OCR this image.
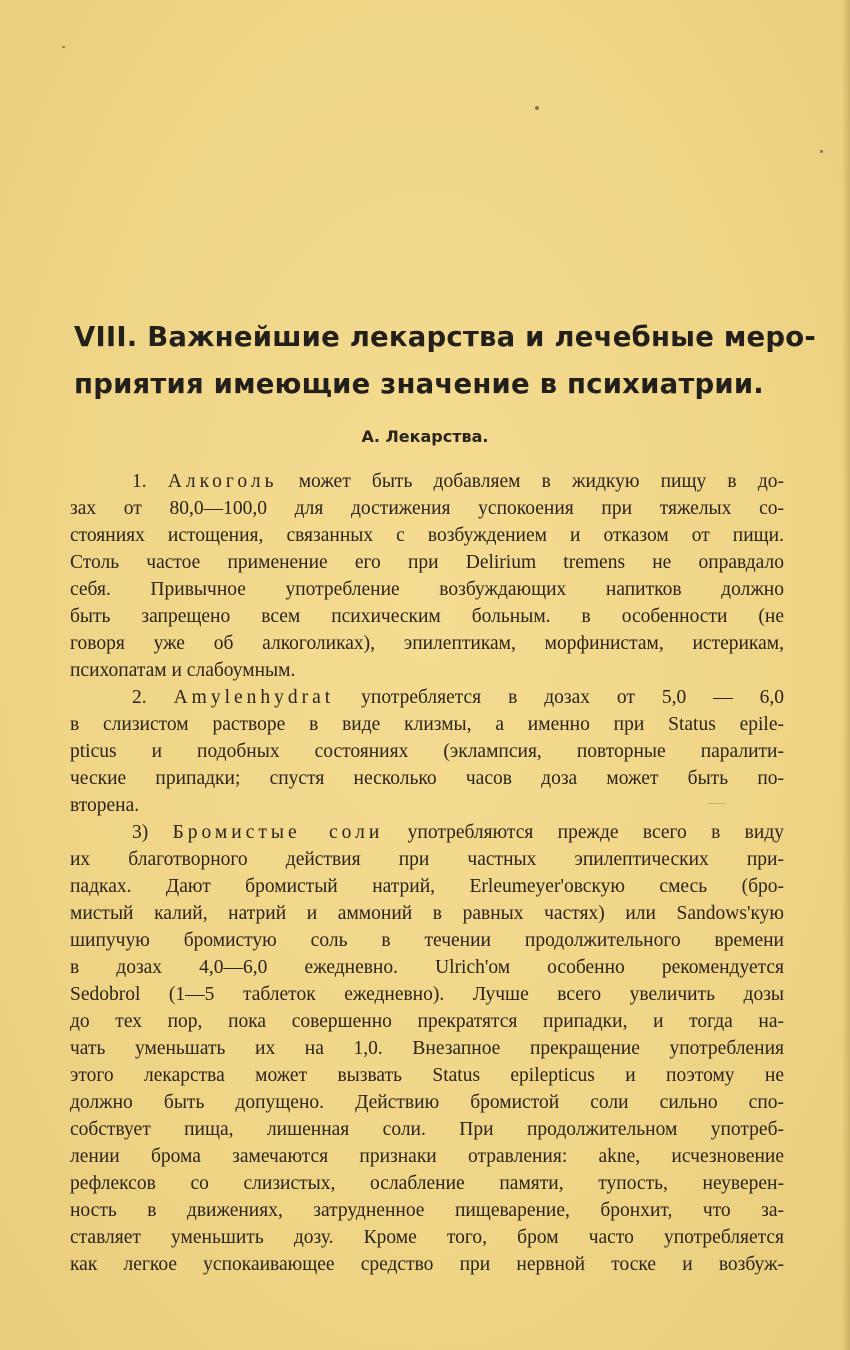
VIII. Важнейшие лекарства и лечебные меро-
приятия имеющие значение в психиатрии.
А. Лекарства.
1. Алкоголь может быть добавляем в жидкую пищу в до-
зах от 80,0—100,0 для достижения успокоения при тяжелых со-
стояниях истощения, связанных с возбуждением и отказом от пищи.
Столь частое применение его при Delirium tremens не оправдало
себя. Привычное употребление возбуждающих напитков должно
быть запрещено всем психическим больным. в особенности (не
говоря уже об алкоголиках), эпилептикам, морфинистам, истерикам,
психопатам и слабоумным.
2. Amylenhydrat употребляется в дозах от 5,0 — 6,0
в слизистом растворе в виде клизмы, а именно при Status epile-
pticus и подобных состояниях (эклампсия, повторные паралити-
ческие припадки; спустя несколько часов доза может быть по-
вторена.
3) Бромистые соли употребляются прежде всего в виду
их благотворного действия при частных эпилептических при-
падках. Дают бромистый натрий, Erleumeyer'овскую смесь (бро-
мистый калий, натрий и аммоний в равных частях) или Sandows'кую
шипучую бромистую соль в течении продолжительного времени
в дозах 4,0—6,0 ежедневно. Ulrich'ом особенно рекомендуется
Sedobrol (1—5 таблеток ежедневно). Лучше всего увеличить дозы
до тех пор, пока совершенно прекратятся припадки, и тогда на-
чать уменьшать их на 1,0. Внезапное прекращение употребления
этого лекарства может вызвать Status epilepticus и поэтому не
должно быть допущено. Действию бромистой соли сильно спо-
собствует пища, лишенная соли. При продолжительном употреб-
лении брома замечаются признаки отравления: akne, исчезновение
рефлексов со слизистых, ослабление памяти, тупость, неуверен-
ность в движениях, затрудненное пищеварение, бронхит, что за-
ставляет уменьшить дозу. Кроме того, бром часто употребляется
как легкое успокаивающее средство при нервной тоске и возбуж-
